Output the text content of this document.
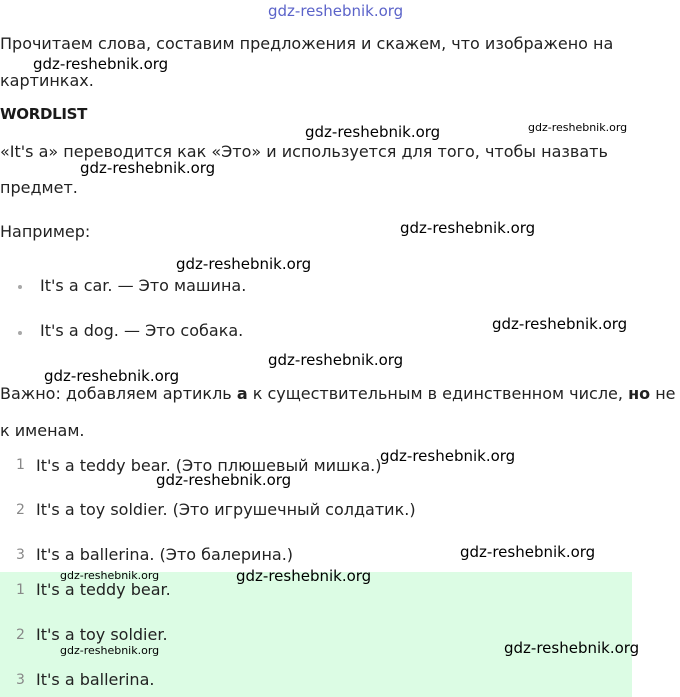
gdz-reshebnik.org
Прочитаем слова, составим предложения и скажем, что изображено на
картинках.
WORDLIST
«It's a» переводится как «Это» и используется для того, чтобы назвать
предмет.
Например:
It's a car. — Это машина.
It's a dog. — Это собака.
Важно: добавляем артикль а к существительным в единственном числе, но не
к именам.
1 It's a teddy bear. (Это плюшевый мишка.)
2 It's a toy soldier. (Это игрушечный солдатик.)
3 It's a ballerina. (Это балерина.)
1 It's a teddy bear.
2 It's a toy soldier.
3 It's a ballerina.
gdz-reshebnik.org
gdz-reshebnik.org	gdz-reshebnik.org
gdz-reshebnik.org
gdz-reshebnik.org
gdz-reshebnik.org
gdz-reshebnik.org
gdz-reshebnik.org
gdz-reshebnik.org
gdz-reshebnik.org
gdz-reshebnik.org
gdz-reshebnik.org
gdz-reshebnik.org	gdz-reshebnik.org
gdz-reshebnik.org	gdz-reshebnik.org
